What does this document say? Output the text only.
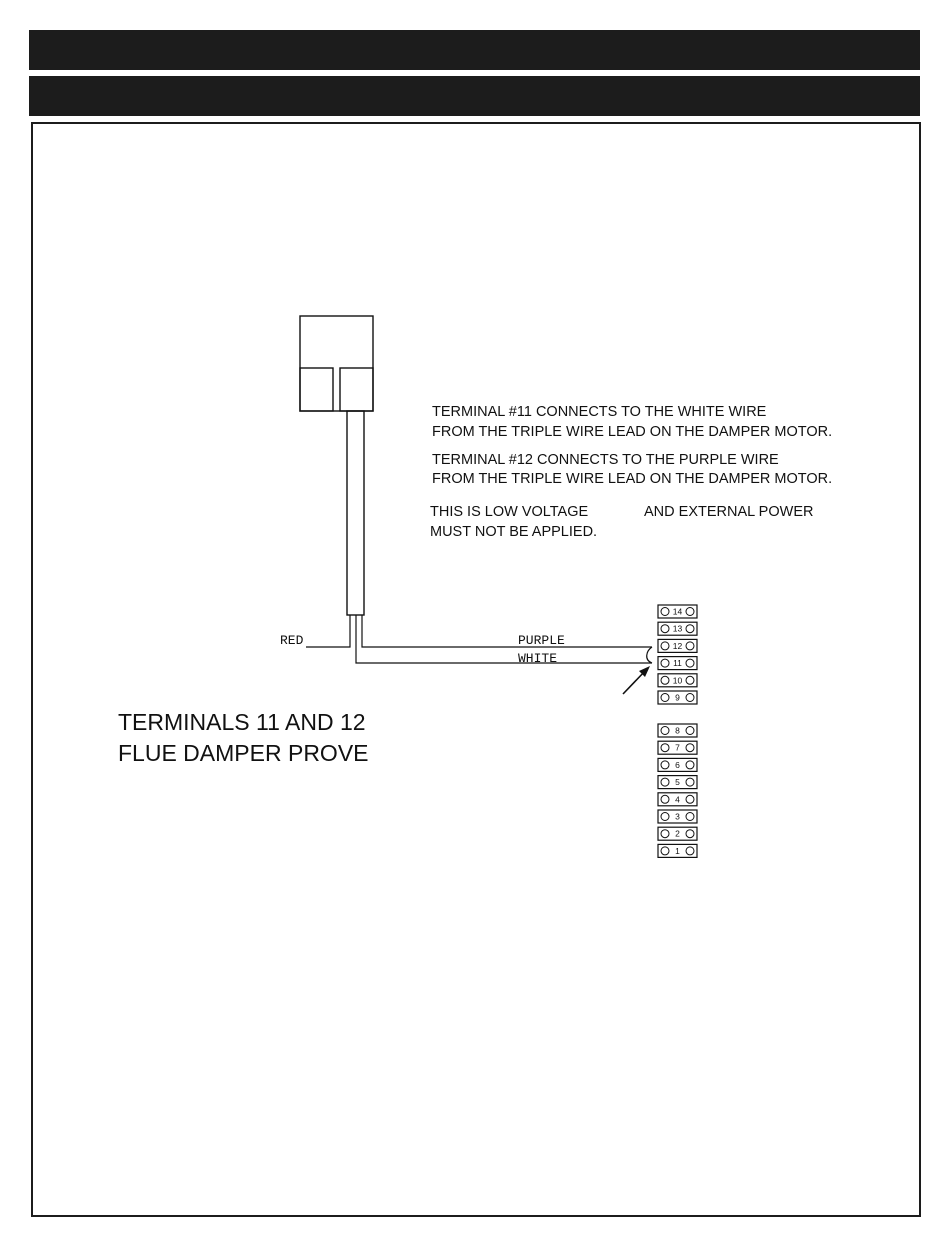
RED	PURPLE
WHITE
TERMINAL #11 CONNECTS TO THE WHITE WIRE
FROM THE TRIPLE WIRE LEAD ON THE DAMPER MOTOR.
TERMINAL #12 CONNECTS TO THE PURPLE WIRE
FROM THE TRIPLE WIRE LEAD ON THE DAMPER MOTOR.
THIS IS LOW VOLTAGE	AND EXTERNAL POWER
MUST NOT BE APPLIED.
TERMINALS 11 AND 12
FLUE DAMPER PROVE
14
13
12
11
10
9
8
7
6
5
4
3
2
1
